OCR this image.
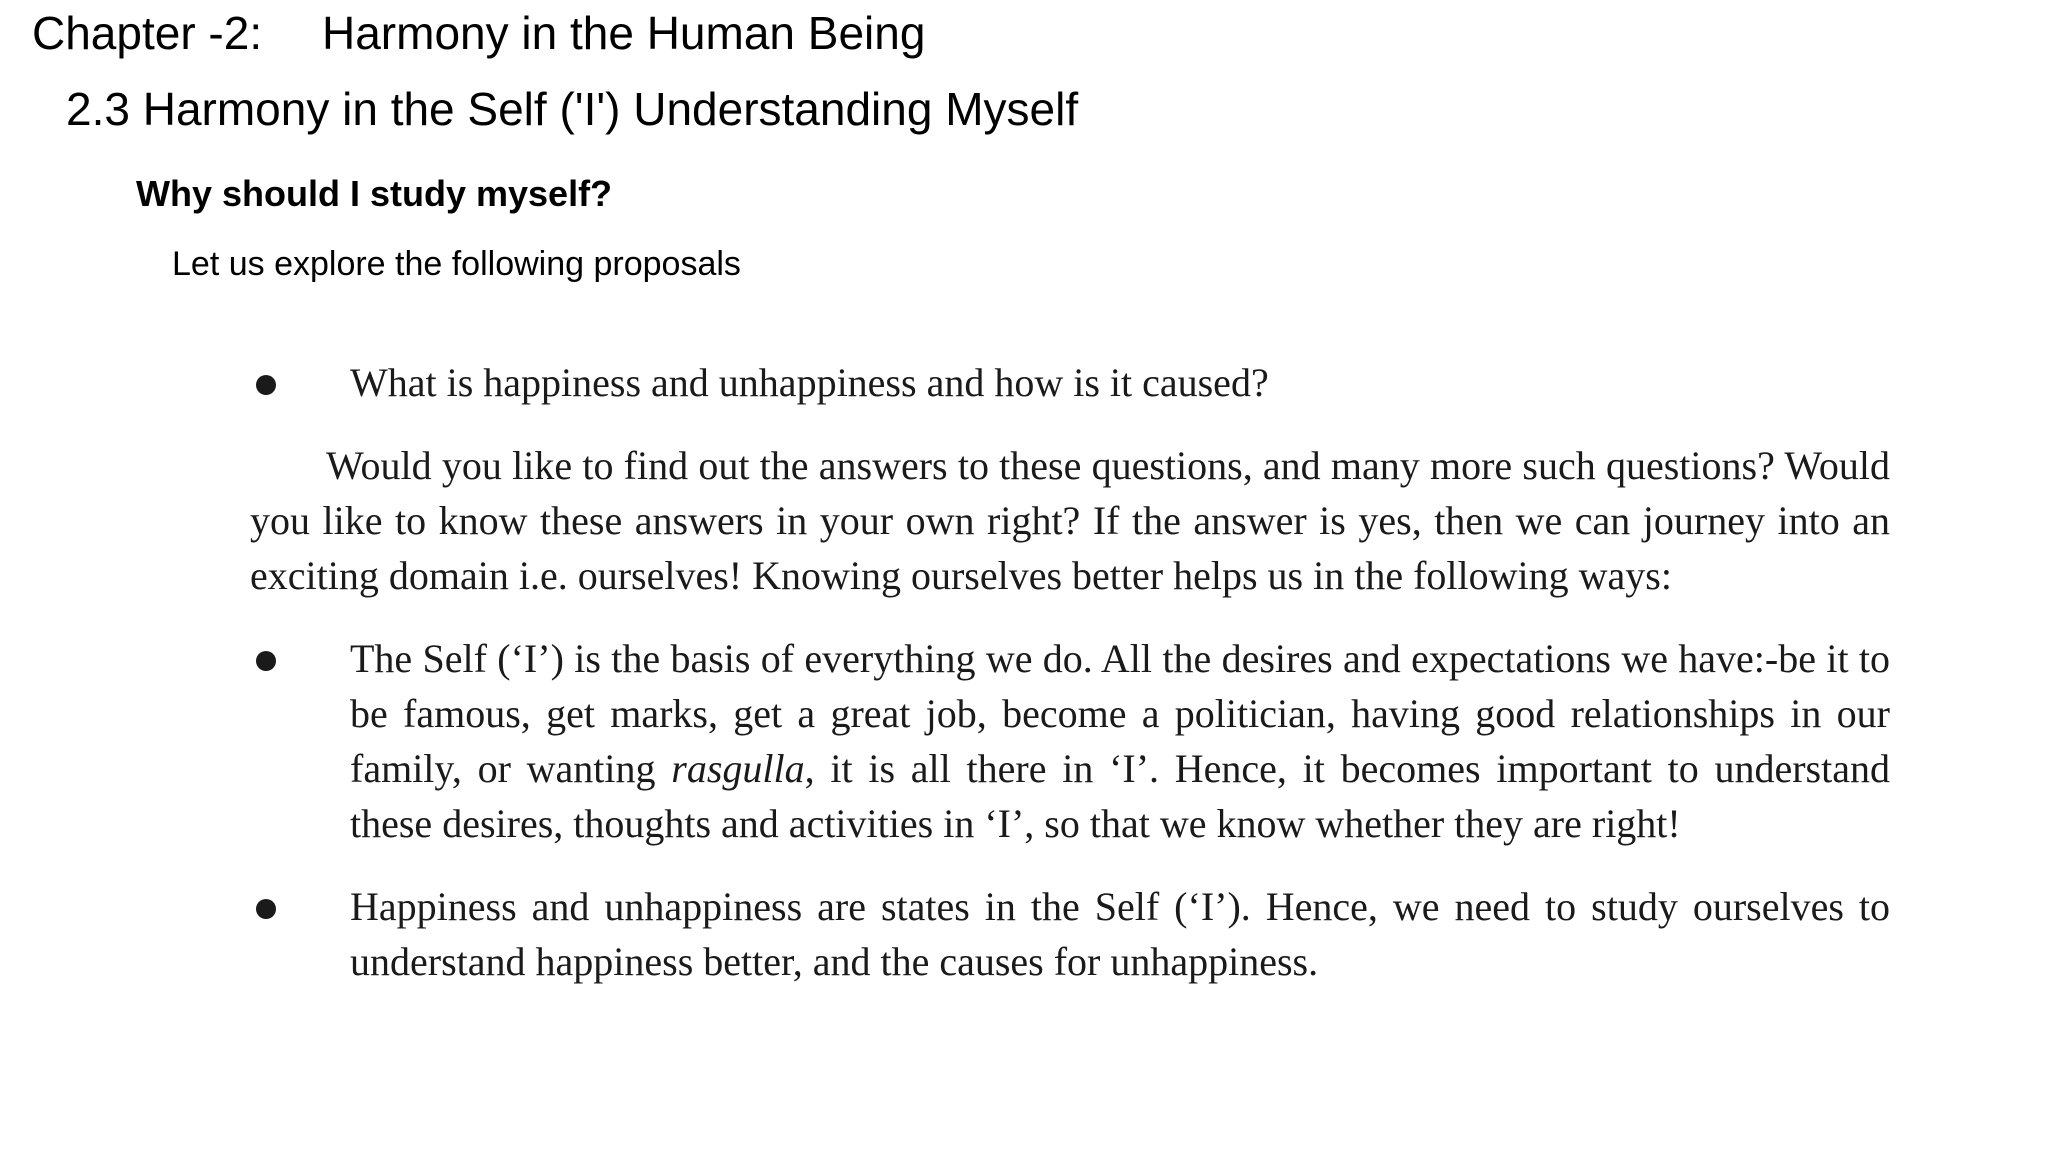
Chapter -2: Harmony in the Human Being
2.3 Harmony in the Self ('I') Understanding Myself
Why should I study myself?
Let us explore the following proposals
What is happiness and unhappiness and how is it caused?
Would you like to find out the answers to these questions, and many more such questions? Would you like to know these answers in your own right? If the answer is yes, then we can journey into an exciting domain i.e. ourselves! Knowing ourselves better helps us in the following ways:
The Self (‘I’) is the basis of everything we do. All the desires and expectations we have:-be it to be famous, get marks, get a great job, become a politician, having good relationships in our family, or wanting rasgulla, it is all there in ‘I’. Hence, it becomes important to understand these desires, thoughts and activities in ‘I’, so that we know whether they are right!
Happiness and unhappiness are states in the Self (‘I’). Hence, we need to study ourselves to understand happiness better, and the causes for unhappiness.
